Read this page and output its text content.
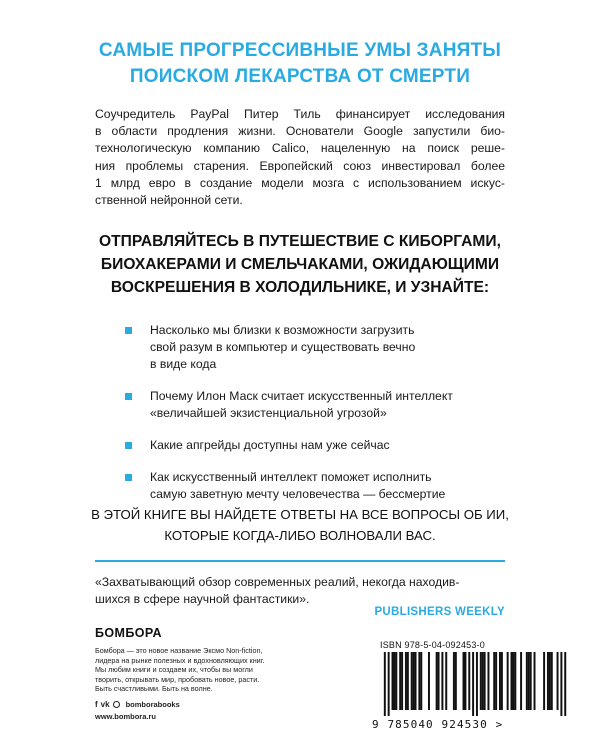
САМЫЕ ПРОГРЕССИВНЫЕ УМЫ ЗАНЯТЫ
ПОИСКОМ ЛЕКАРСТВА ОТ СМЕРТИ
Соучредитель PayPal Питер Тиль финансирует исследования
в области продления жизни. Основатели Google запустили био-
технологическую компанию Calico, нацеленную на поиск реше-
ния проблемы старения. Европейский союз инвестировал более
1 млрд евро в создание модели мозга с использованием искус-
ственной нейронной сети.
ОТПРАВЛЯЙТЕСЬ В ПУТЕШЕСТВИЕ С КИБОРГАМИ,
БИОХАКЕРАМИ И СМЕЛЬЧАКАМИ, ОЖИДАЮЩИМИ
ВОСКРЕШЕНИЯ В ХОЛОДИЛЬНИКЕ, И УЗНАЙТЕ:
Насколько мы близки к возможности загрузить
свой разум в компьютер и существовать вечно
в виде кода
Почему Илон Маск считает искусственный интеллект
«величайшей экзистенциальной угрозой»
Какие апгрейды доступны нам уже сейчас
Как искусственный интеллект поможет исполнить
самую заветную мечту человечества — бессмертие
В ЭТОЙ КНИГЕ ВЫ НАЙДЕТЕ ОТВЕТЫ НА ВСЕ ВОПРОСЫ ОБ ИИ,
КОТОРЫЕ КОГДА-ЛИБО ВОЛНОВАЛИ ВАС.
«Захватывающий обзор современных реалий, некогда находив-
шихся в сфере научной фантастики».
PUBLISHERS WEEKLY
БОМБОРА
Бомбора — это новое название Эксмо Non-fiction,
лидера на рынке полезных и вдохновляющих книг.
Мы любим книги и создаем их, чтобы вы могли
творить, открывать мир, пробовать новое, расти.
Быть счастливыми. Быть на волне.
f vk bomborabooks
www.bombora.ru
ISBN 978-5-04-092453-0
9 785040 924530 >
